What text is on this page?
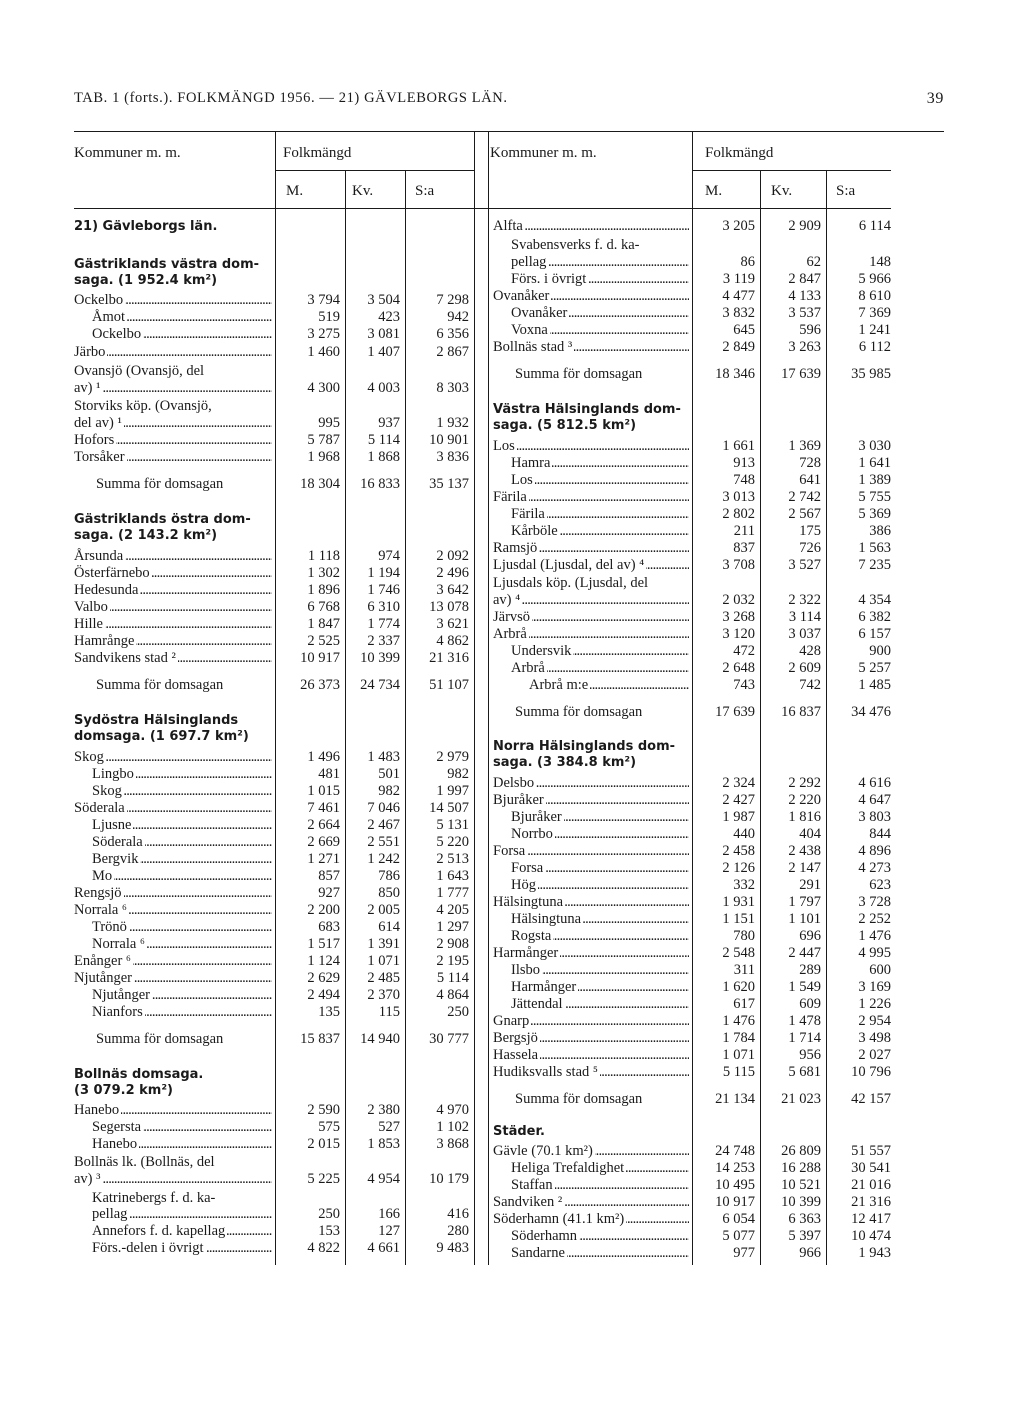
TAB. 1 (forts.). FOLKMÄNGD 1956. — 21) GÄVLEBORGS LÄN.	39
Kommuner m. m.	Folkmängd
M.	Kv.	S:a
Kommuner m. m.	Folkmängd
M.	Kv.	S:a
21) Gävleborgs län.
Gästriklands västra dom-
saga. (1 952.4 km²)
Ockelbo . . .	3 794	3 504	7 298
Åmot . . .	519	423	942
Ockelbo . . .	3 275	3 081	6 356
Järbo . . .	1 460	1 407	2 867
Ovansjö (Ovansjö, del
av) ¹ . . .	4 300	4 003	8 303
Storviks köp. (Ovansjö,
del av) ¹ . . .	995	937	1 932
Hofors . . .	5 787	5 114	10 901
Torsåker . . .	1 968	1 868	3 836
Summa för domsagan	18 304	16 833	35 137
Gästriklands östra dom-
saga. (2 143.2 km²)
Årsunda . . .	1 118	974	2 092
Österfärnebo . . .	1 302	1 194	2 496
Hedesunda . . .	1 896	1 746	3 642
Valbo . . .	6 768	6 310	13 078
Hille . . .	1 847	1 774	3 621
Hamrånge . . .	2 525	2 337	4 862
Sandvikens stad ² . . .	10 917	10 399	21 316
Summa för domsagan	26 373	24 734	51 107
Sydöstra Hälsinglands
domsaga. (1 697.7 km²)
Skog . . .	1 496	1 483	2 979
Lingbo . . .	481	501	982
Skog . . .	1 015	982	1 997
Söderala . . .	7 461	7 046	14 507
Ljusne . . .	2 664	2 467	5 131
Söderala . . .	2 669	2 551	5 220
Bergvik . . .	1 271	1 242	2 513
Mo . . .	857	786	1 643
Rengsjö . . .	927	850	1 777
Norrala ⁶ . . .	2 200	2 005	4 205
Trönö . . .	683	614	1 297
Norrala ⁶ . . .	1 517	1 391	2 908
Enånger ⁶ . . .	1 124	1 071	2 195
Njutånger . . .	2 629	2 485	5 114
Njutånger . . .	2 494	2 370	4 864
Nianfors . . .	135	115	250
Summa för domsagan	15 837	14 940	30 777
Bollnäs domsaga.
(3 079.2 km²)
Hanebo . . .	2 590	2 380	4 970
Segersta . . .	575	527	1 102
Hanebo . . .	2 015	1 853	3 868
Bollnäs lk. (Bollnäs, del
av) ³ . . .	5 225	4 954	10 179
Katrinebergs f. d. ka-
pellag . . .	250	166	416
Annefors f. d. kapellag . . .	153	127	280
Förs.-delen i övrigt . . .	4 822	4 661	9 483
Alfta . . .	3 205	2 909	6 114
Svabensverks f. d. ka-
pellag . . .	86	62	148
Förs. i övrigt . . .	3 119	2 847	5 966
Ovanåker . . .	4 477	4 133	8 610
Ovanåker . . .	3 832	3 537	7 369
Voxna . . .	645	596	1 241
Bollnäs stad ³ . . .	2 849	3 263	6 112
Summa för domsagan	18 346	17 639	35 985
Västra Hälsinglands dom-
saga. (5 812.5 km²)
Los . . .	1 661	1 369	3 030
Hamra . . .	913	728	1 641
Los . . .	748	641	1 389
Färila . . .	3 013	2 742	5 755
Färila . . .	2 802	2 567	5 369
Kårböle . . .	211	175	386
Ramsjö . . .	837	726	1 563
Ljusdal (Ljusdal, del av) ⁴ . . .	3 708	3 527	7 235
Ljusdals köp. (Ljusdal, del
av) ⁴ . . .	2 032	2 322	4 354
Järvsö . . .	3 268	3 114	6 382
Arbrå . . .	3 120	3 037	6 157
Undersvik . . .	472	428	900
Arbrå . . .	2 648	2 609	5 257
Arbrå m:e . . .	743	742	1 485
Summa för domsagan	17 639	16 837	34 476
Norra Hälsinglands dom-
saga. (3 384.8 km²)
Delsbo . . .	2 324	2 292	4 616
Bjuråker . . .	2 427	2 220	4 647
Bjuråker . . .	1 987	1 816	3 803
Norrbo . . .	440	404	844
Forsa . . .	2 458	2 438	4 896
Forsa . . .	2 126	2 147	4 273
Hög . . .	332	291	623
Hälsingtuna . . .	1 931	1 797	3 728
Hälsingtuna . . .	1 151	1 101	2 252
Rogsta . . .	780	696	1 476
Harmånger . . .	2 548	2 447	4 995
Ilsbo . . .	311	289	600
Harmånger . . .	1 620	1 549	3 169
Jättendal . . .	617	609	1 226
Gnarp . . .	1 476	1 478	2 954
Bergsjö . . .	1 784	1 714	3 498
Hassela . . .	1 071	956	2 027
Hudiksvalls stad ⁵ . . .	5 115	5 681	10 796
Summa för domsagan	21 134	21 023	42 157
Städer.
Gävle (70.1 km²) . . .	24 748	26 809	51 557
Heliga Trefaldighet . . .	14 253	16 288	30 541
Staffan . . .	10 495	10 521	21 016
Sandviken ² . . .	10 917	10 399	21 316
Söderhamn (41.1 km²) . . .	6 054	6 363	12 417
Söderhamn . . .	5 077	5 397	10 474
Sandarne . . .	977	966	1 943
